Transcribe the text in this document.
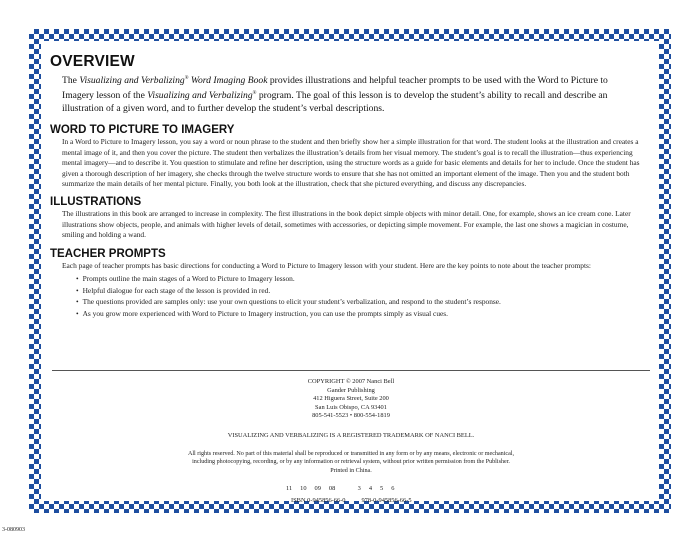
OVERVIEW

The Visualizing and Verbalizing® Word Imaging Book provides illustrations and helpful teacher prompts to be used with the Word to Picture to Imagery lesson of the Visualizing and Verbalizing® program. The goal of this lesson is to develop the student’s ability to recall and describe an illustration of a given word, and to further develop the student’s verbal descriptions.

WORD TO PICTURE TO IMAGERY

In a Word to Picture to Imagery lesson, you say a word or noun phrase to the student and then briefly show her a simple illustration for that word. The student looks at the illustration and creates a mental image of it, and then you cover the picture. The student then verbalizes the illustration’s details from her visual memory. The student’s goal is to recall the illustration—thus experiencing mental imagery—and to describe it. You question to stimulate and refine her description, using the structure words as a guide for basic elements and details for her to include. Once the student has given a thorough description of her imagery, she checks through the twelve structure words to ensure that she has not omitted an important element of the image. Then you and the student both summarize the main details of her mental picture. Finally, you both look at the illustration, check that she pictured everything, and discuss any discrepancies.

ILLUSTRATIONS

The illustrations in this book are arranged to increase in complexity. The first illustrations in the book depict simple objects with minor detail. One, for example, shows an ice cream cone. Later illustrations show objects, people, and animals with higher levels of detail, sometimes with accessories, or depicting simple movement. For example, the last one shows a magician in costume, smiling and holding a wand.

TEACHER PROMPTS

Each page of teacher prompts has basic directions for conducting a Word to Picture to Imagery lesson with your student. Here are the key points to note about the teacher prompts:

• Prompts outline the main stages of a Word to Picture to Imagery lesson.
• Helpful dialogue for each stage of the lesson is provided in red.
• The questions provided are samples only: use your own questions to elicit your student’s verbalization, and respond to the student’s response.
• As you grow more experienced with Word to Picture to Imagery instruction, you can use the prompts simply as visual cues.
COPYRIGHT © 2007 Nanci Bell
Gander Publishing
412 Higuera Street, Suite 200
San Luis Obispo, CA 93401
805-541-5523 • 800-554-1819
VISUALIZING AND VERBALIZING IS A REGISTERED TRADEMARK OF NANCI BELL.
All rights reserved. No part of this material shall be reproduced or transmitted in any form or by any means, electronic or mechanical,
including photocopying, recording, or by any information or retrieval system, without prior written permission from the Publisher.
Printed in China.
11     10     09     08              3     4     5     6
ISBN 0-945856-66-0          978-0-945856-66-5
3-080903
